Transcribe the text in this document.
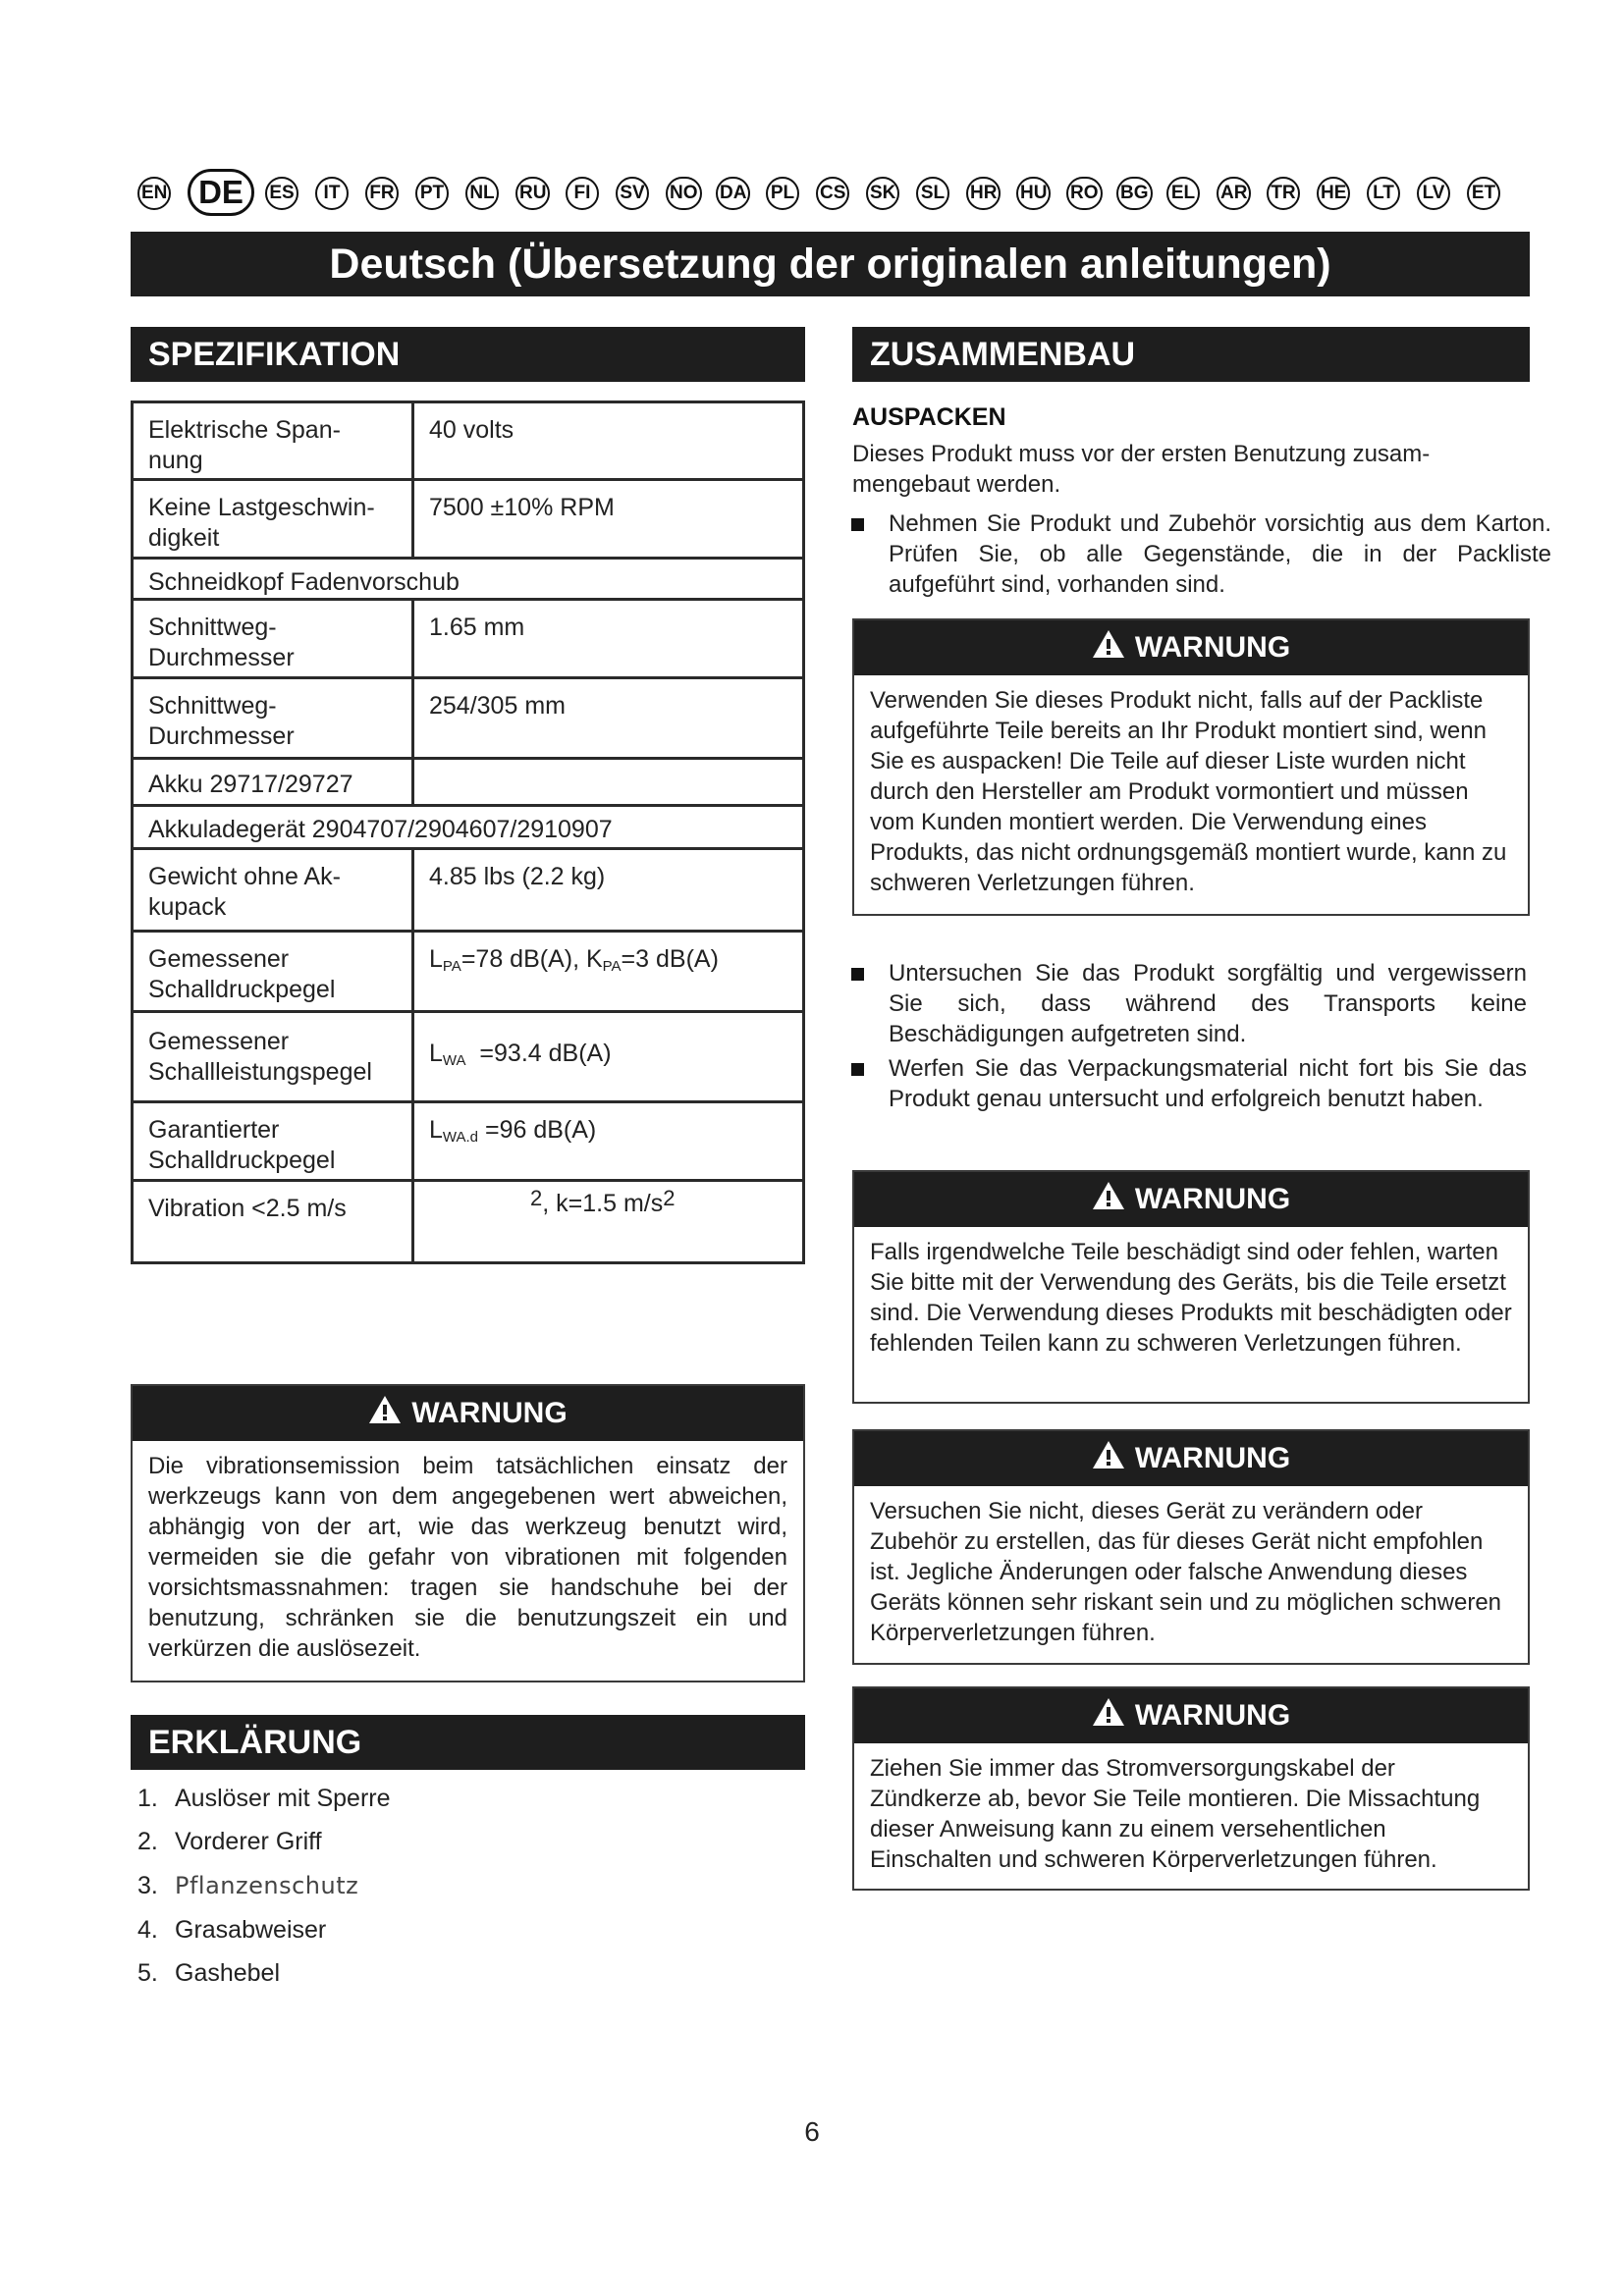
EN DE	ES	IT	FR PT NL RU	FI	SV NO DA PL CS SK SL HR HU RO BG EL AR TR HE	LT	LV ET
Deutsch (Übersetzung der originalen anleitungen)
SPEZIFIKATION
Elektrische Span-
nung	40 volts
Keine Lastgeschwin-
digkeit	7500 ±10% RPM
Schneidkopf Fadenvorschub	
Schnittweg-
Durchmesser	1.65 mm
Schnittweg-
Durchmesser	254/305 mm
Akku 29717/29727	
Akkuladegerät 2904707/2904607/2910907	
Gewicht ohne Ak-
kupack	4.85 lbs (2.2 kg)
Gemessener
Schalldruckpegel	$L_{PA}=78$ dB(A), $K_{PA}=3$ dB(A)
Gemessener
Schallleistungspegel	$L_{WA} =93.4$ dB(A)
Garantierter
Schalldruckpegel	$L_{WA.d} =96$ dB(A)
Vibration <2.5 m/s	$^2$, k=1.5 $m/s^2$
WARNUNG
Die vibrationsemission beim tatsächlichen einsatz der werkzeugs kann von dem angegebenen wert abweichen, abhängig von der art, wie das werkzeug benutzt wird, vermeiden sie die gefahr von vibrationen mit folgenden vorsichtsmassnahmen: tragen sie handschuhe bei der benutzung, schränken sie die benutzungszeit ein und verkürzen die auslösezeit.
ERKLÄRUNG
1. Auslöser mit Sperre
2. Vorderer Griff
3. Pflanzenschutz
4. Grasabweiser
5. Gashebel
ZUSAMMENBAU
AUSPACKEN
Dieses Produkt muss vor der ersten Benutzung zusam-
mengebaut werden.
Nehmen Sie Produkt und Zubehör vorsichtig aus dem Karton. Prüfen Sie, ob alle Gegenstände, die in der Packliste aufgeführt sind, vorhanden sind.
WARNUNG
Verwenden Sie dieses Produkt nicht, falls auf der Packliste aufgeführte Teile bereits an Ihr Produkt montiert sind, wenn Sie es auspacken! Die Teile auf dieser Liste wurden nicht durch den Hersteller am Produkt vormontiert und müssen vom Kunden montiert werden. Die Verwendung eines Produkts, das nicht ordnungsgemäß montiert wurde, kann zu schweren Verletzungen führen.
Untersuchen Sie das Produkt sorgfältig und vergewissern Sie sich, dass während des Transports keine Beschädigungen aufgetreten sind.
Werfen Sie das Verpackungsmaterial nicht fort bis Sie das Produkt genau untersucht und erfolgreich benutzt haben.
WARNUNG
Falls irgendwelche Teile beschädigt sind oder fehlen, warten Sie bitte mit der Verwendung des Geräts, bis die Teile ersetzt sind. Die Verwendung dieses Produkts mit beschädigten oder fehlenden Teilen kann zu schweren Verletzungen führen.
WARNUNG
Versuchen Sie nicht, dieses Gerät zu verändern oder Zubehör zu erstellen, das für dieses Gerät nicht empfohlen ist. Jegliche Änderungen oder falsche Anwendung dieses Geräts können sehr riskant sein und zu möglichen schweren Körperverletzungen führen.
WARNUNG
Ziehen Sie immer das Stromversorgungskabel der Zündkerze ab, bevor Sie Teile montieren. Die Missachtung dieser Anweisung kann zu einem versehentlichen Einschalten und schweren Körperverletzungen führen.
6
